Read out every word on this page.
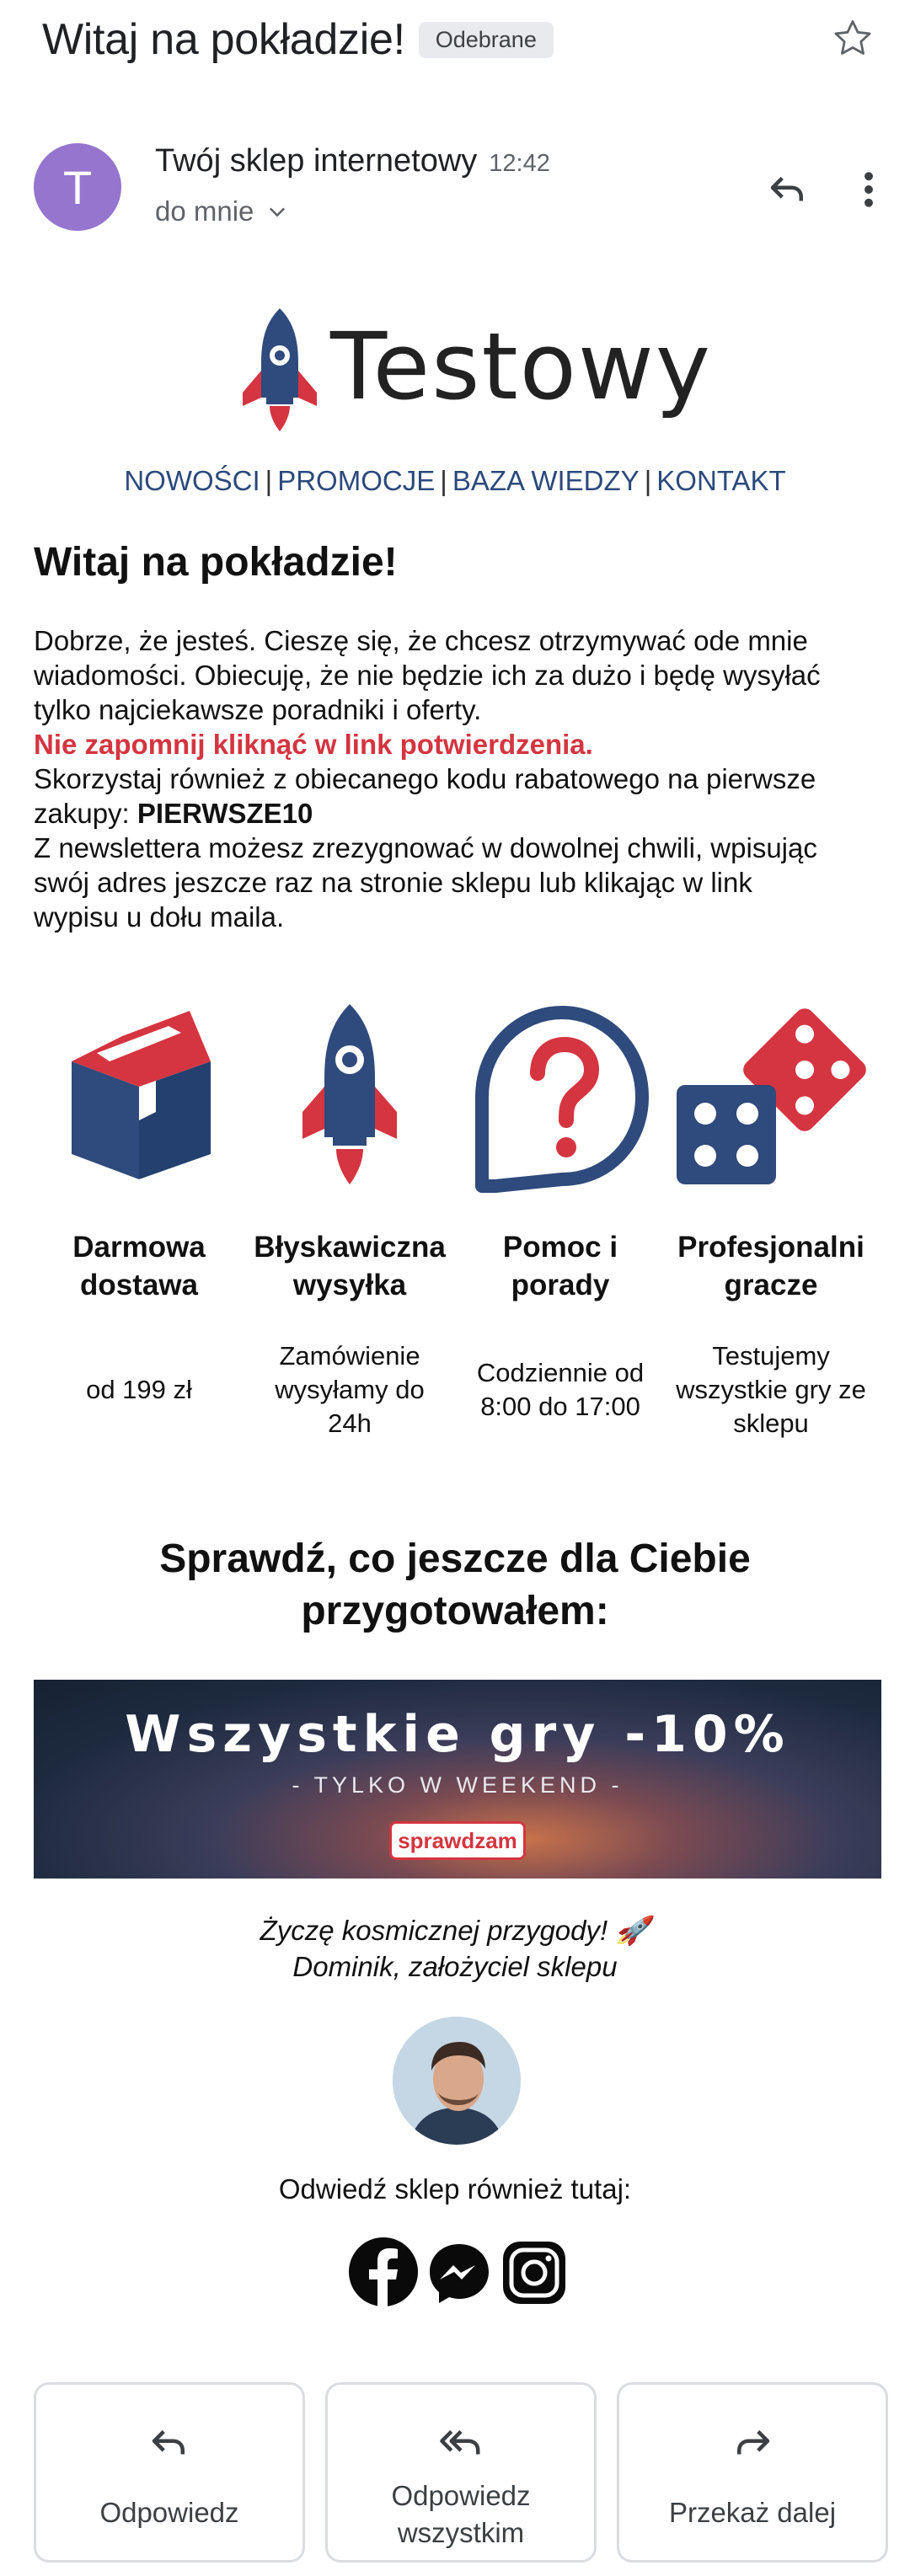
Witaj na pokładzie!	Odebrane
T	Twój sklep internetowy 12:42
do mnie
Testowy
NOWOŚCI | PROMOCJE | BAZA WIEDZY | KONTAKT
Witaj na pokładzie!
Dobrze, że jesteś. Cieszę się, że chcesz otrzymywać ode mnie
wiadomości. Obiecuję, że nie będzie ich za dużo i będę wysyłać
tylko najciekawsze poradniki i oferty.
Nie zapomnij kliknąć w link potwierdzenia.
Skorzystaj również z obiecanego kodu rabatowego na pierwsze
zakupy: PIERWSZE10
Z newslettera możesz zrezygnować w dowolnej chwili, wpisując
swój adres jeszcze raz na stronie sklepu lub klikając w link
wypisu u dołu maila.
Darmowa
dostawa
od 199 zł
Błyskawiczna
wysyłka
Zamówienie
wysyłamy do
24h
Pomoc i
porady
Codziennie od
8:00 do 17:00
Profesjonalni
gracze
Testujemy
wszystkie gry ze
sklepu
Sprawdź, co jeszcze dla Ciebie
przygotowałem:
Wszystkie gry -10%
- TYLKO W WEEKEND -
sprawdzam
Życzę kosmicznej przygody! 🚀
Dominik, założyciel sklepu
Odwiedź sklep również tutaj:
Odpowiedz
Odpowiedz
wszystkim
Przekaż dalej
